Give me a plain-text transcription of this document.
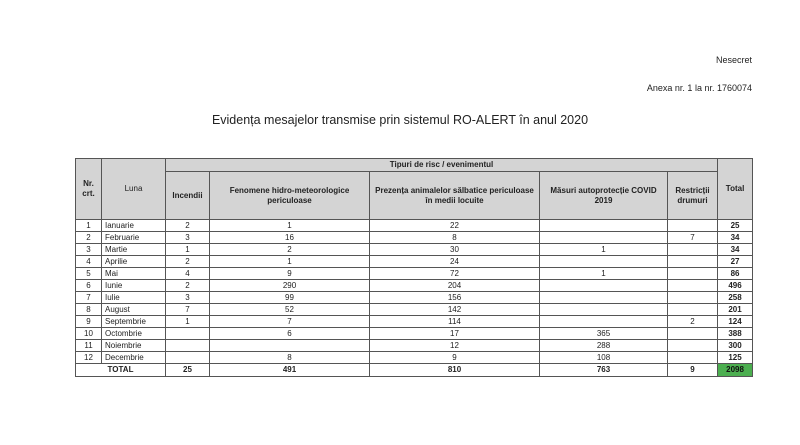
Nesecret
Anexa nr. 1 la nr. 1760074
Evidența mesajelor transmise prin sistemul RO-ALERT în anul 2020
Nr. crt.	Luna	Tipuri de risc / evenimentul					Total
		Incendii	Fenomene hidro-meteorologice periculoase	Prezența animalelor sălbatice periculoase în medii locuite	Măsuri autoprotecție COVID 2019	Restricții drumuri	
1	Ianuarie	2	1	22			25
2	Februarie	3	16	8		7	34
3	Martie	1	2	30	1		34
4	Aprilie	2	1	24			27
5	Mai	4	9	72	1		86
6	Iunie	2	290	204			496
7	Iulie	3	99	156			258
8	August	7	52	142			201
9	Septembrie	1	7	114		2	124
10	Octombrie		6	17	365		388
11	Noiembrie			12	288		300
12	Decembrie		8	9	108		125
TOTAL		25	491	810	763	9	2098
